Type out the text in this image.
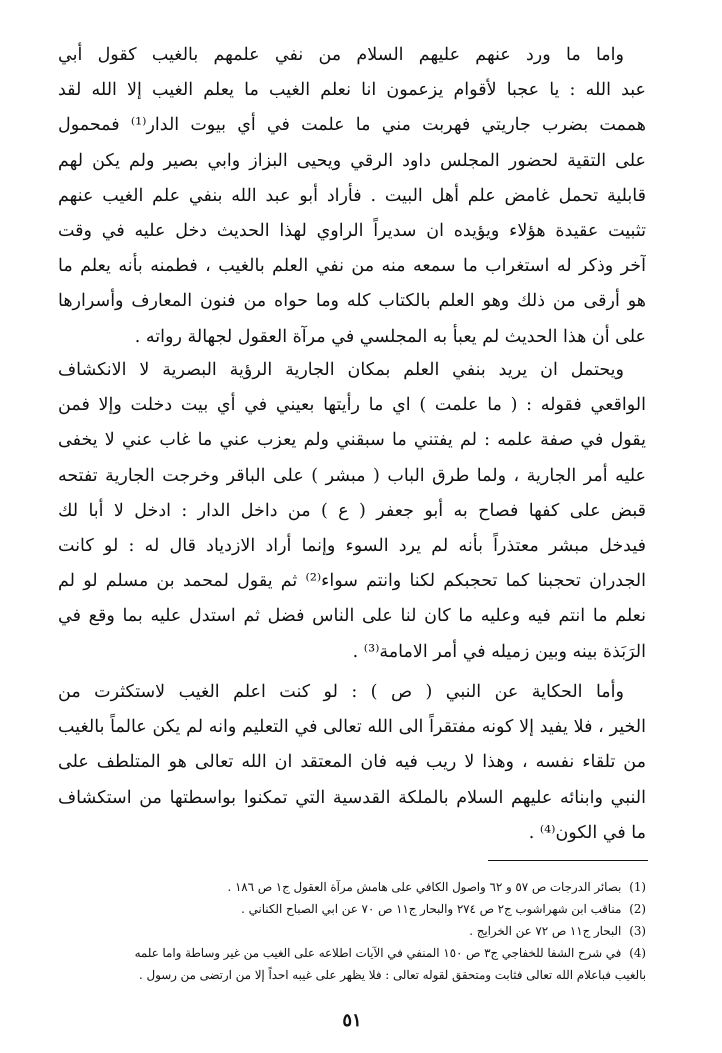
واما ما ورد عنهم عليهم السلام من نفي علمهم بالغيب كقول أبي
عبد الله : يا عجبا لأقوام يزعمون انا نعلم الغيب ما يعلم الغيب إلا الله لقد
هممت بضرب جاريتي فهربت مني ما علمت في أي بيوت الدار⁽¹⁾ فمحمول
على التقية لحضور المجلس داود الرقي ويحيى البزاز وابي بصير ولم يكن لهم
قابلية تحمل غامض علم أهل البيت . فأراد أبو عبد الله بنفي علم الغيب عنهم
تثبيت عقيدة هؤلاء ويؤيده ان سديراً الراوي لهذا الحديث دخل عليه في وقت
آخر وذكر له استغراب ما سمعه منه من نفي العلم بالغيب ، فطمنه بأنه يعلم ما
هو أرقى من ذلك وهو العلم بالكتاب كله وما حواه من فنون المعارف وأسرارها
على أن هذا الحديث لم يعبأ به المجلسي في مرآة العقول لجهالة رواته .
ويحتمل ان يريد بنفي العلم بمكان الجارية الرؤية البصرية لا الانكشاف
الواقعي فقوله : ( ما علمت ) اي ما رأيتها بعيني في أي بيت دخلت وإلا فمن
يقول في صفة علمه : لم يفتني ما سبقني ولم يعزب عني ما غاب عني لا يخفى
عليه أمر الجارية ، ولما طرق الباب ( مبشر ) على الباقر وخرجت الجارية تفتحه
قبض على كفها فصاح به أبو جعفر ( ع ) من داخل الدار : ادخل لا أبا لك
فيدخل مبشر معتذراً بأنه لم يرد السوء وإنما أراد الازدياد قال له : لو كانت
الجدران تحجبنا كما تحجبكم لكنا وانتم سواء⁽²⁾ ثم يقول لمحمد بن مسلم لو لم
نعلم ما انتم فيه وعليه ما كان لنا على الناس فضل ثم استدل عليه بما وقع في
الرَبَذة بينه وبين زميله في أمر الامامة⁽³⁾ .
وأما الحكاية عن النبي ( ص ) : لو كنت اعلم الغيب لاستكثرت من
الخير ، فلا يفيد إلا كونه مفتقراً الى الله تعالى في التعليم وانه لم يكن عالماً بالغيب
من تلقاء نفسه ، وهذا لا ريب فيه فان المعتقد ان الله تعالى هو المتلطف على
النبي وابنائه عليهم السلام بالملكة القدسية التي تمكنوا بواسطتها من استكشاف
ما في الكون⁽⁴⁾ .
(1)بصائر الدرجات ص ٥٧ و ٦٢ واصول الكافي على هامش مرآة العقول ج١ ص ١٨٦ .
(2)مناقب ابن شهراشوب ج٢ ص ٢٧٤ والبحار ج١١ ص ٧٠ عن ابي الصباح الكناني .
(3)البحار ج١١ ص ٧٢ عن الخرايج .
(4)في شرح الشفا للخفاجي ج٣ ص ١٥٠ المنفي في الآيات اطلاعه على الغيب من غير وساطة واما علمه
بالغيب فباعلام الله تعالى فثابت ومتحقق لقوله تعالى : فلا يظهر على غيبه احداً إلا من ارتضى من رسول .
٥١
